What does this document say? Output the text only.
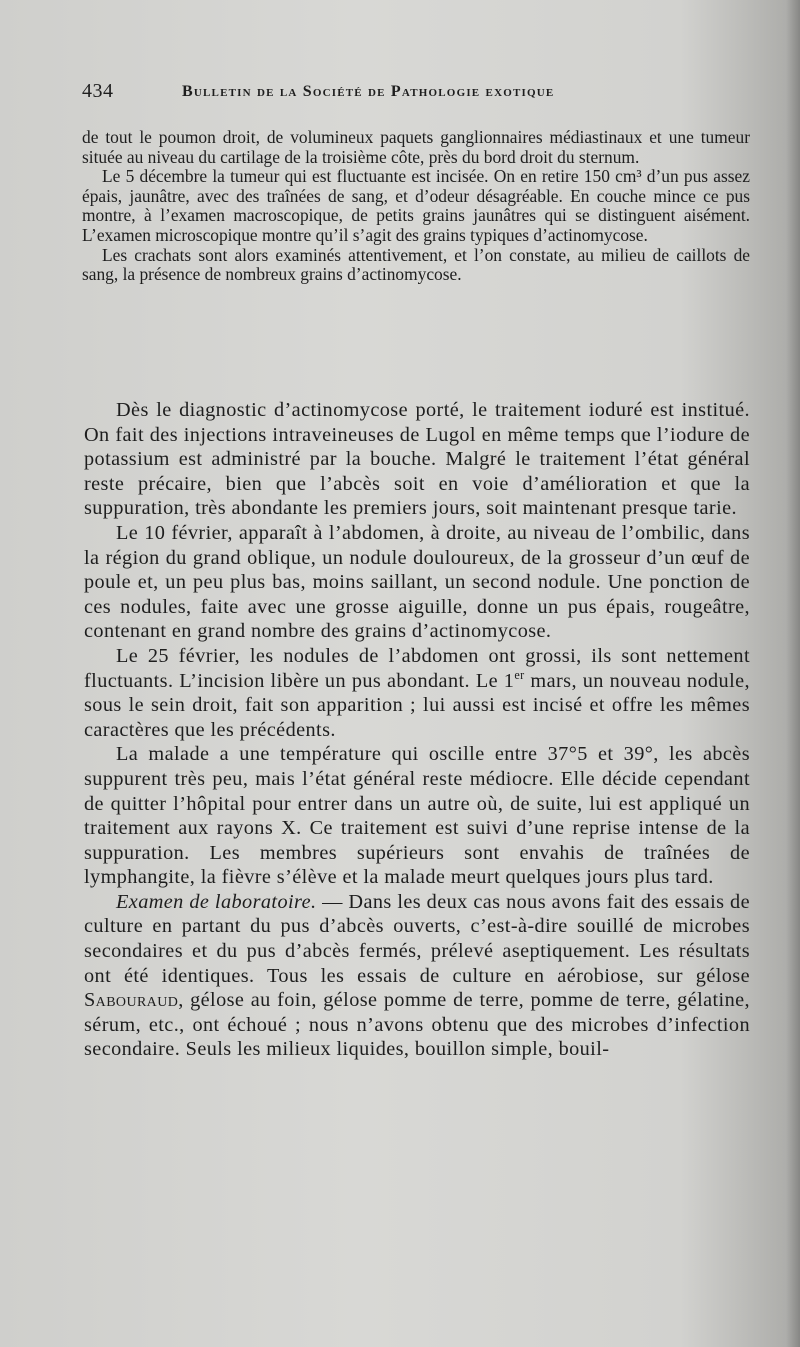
434	Bulletin de la Société de Pathologie exotique

de tout le poumon droit, de volumineux paquets ganglionnaires médiastinaux et une tumeur située au niveau du cartilage de la troisième côte, près du bord droit du sternum.

Le 5 décembre la tumeur qui est fluctuante est incisée. On en retire 150 cm³ d’un pus assez épais, jaunâtre, avec des traînées de sang, et d’odeur désagréable. En couche mince ce pus montre, à l’examen macroscopique, de petits grains jaunâtres qui se distinguent aisément. L’examen microscopique montre qu’il s’agit des grains typiques d’actinomycose.

Les crachats sont alors examinés attentivement, et l’on constate, au milieu de caillots de sang, la présence de nombreux grains d’actinomycose.

Dès le diagnostic d’actinomycose porté, le traitement ioduré est institué. On fait des injections intraveineuses de Lugol en même temps que l’iodure de potassium est administré par la bouche. Malgré le traitement l’état général reste précaire, bien que l’abcès soit en voie d’amélioration et que la suppuration, très abondante les premiers jours, soit maintenant presque tarie.

Le 10 février, apparaît à l’abdomen, à droite, au niveau de l’ombilic, dans la région du grand oblique, un nodule douloureux, de la grosseur d’un œuf de poule et, un peu plus bas, moins saillant, un second nodule. Une ponction de ces nodules, faite avec une grosse aiguille, donne un pus épais, rougeâtre, contenant en grand nombre des grains d’actinomycose.

Le 25 février, les nodules de l’abdomen ont grossi, ils sont nettement fluctuants. L’incision libère un pus abondant. Le 1er mars, un nouveau nodule, sous le sein droit, fait son apparition ; lui aussi est incisé et offre les mêmes caractères que les précédents.

La malade a une température qui oscille entre 37°5 et 39°, les abcès suppurent très peu, mais l’état général reste médiocre. Elle décide cependant de quitter l’hôpital pour entrer dans un autre où, de suite, lui est appliqué un traitement aux rayons X. Ce traitement est suivi d’une reprise intense de la suppuration. Les membres supérieurs sont envahis de traînées de lymphangite, la fièvre s’élève et la malade meurt quelques jours plus tard.

Examen de laboratoire. — Dans les deux cas nous avons fait des essais de culture en partant du pus d’abcès ouverts, c’est-à-dire souillé de microbes secondaires et du pus d’abcès fermés, prélevé aseptiquement. Les résultats ont été identiques. Tous les essais de culture en aérobiose, sur gélose Sabouraud, gélose au foin, gélose pomme de terre, pomme de terre, gélatine, sérum, etc., ont échoué ; nous n’avons obtenu que des microbes d’infection secondaire. Seuls les milieux liquides, bouillon simple, bouil-
